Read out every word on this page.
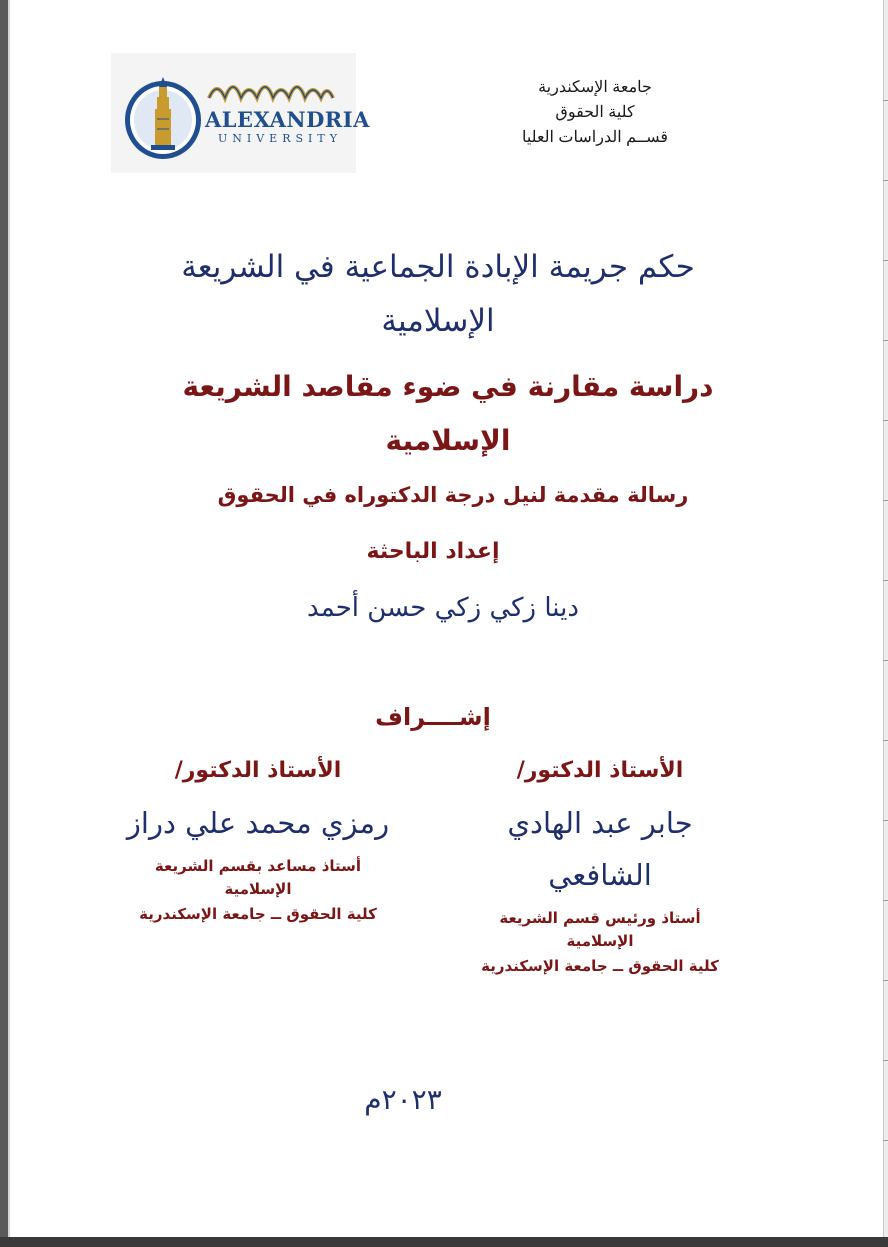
جامعة الإسكندرية
كلية الحقوق
قســم الدراسات العليا
ALEXANDRIA
UNIVERSITY
حكم جريمة الإبادة الجماعية في الشريعة
الإسلامية
دراسة مقارنة في ضوء مقاصد الشريعة
الإسلامية
رسالة مقدمة لنيل درجة الدكتوراه في الحقوق
إعداد الباحثة
دينا زكي زكي حسن أحمد
إشــــراف
الأستاذ الدكتور/
جابر عبد الهادي
الشافعي
أستاذ ورئيس قسم الشريعة
الإسلامية
كلية الحقوق ــ جامعة الإسكندرية
الأستاذ الدكتور/
رمزي محمد علي دراز
أستاذ مساعد بقسم الشريعة
الإسلامية
كلية الحقوق ــ جامعة الإسكندرية
٢٠٢٣م
